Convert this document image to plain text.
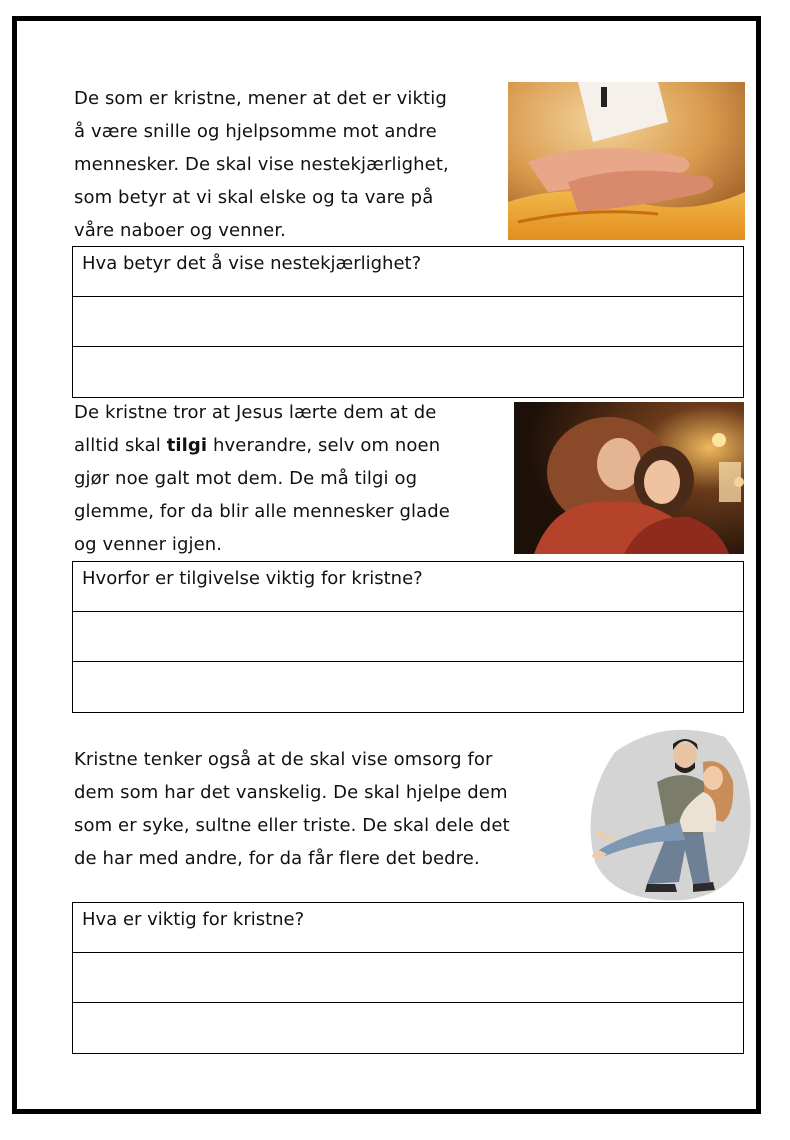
De som er kristne, mener at det er viktig
å være snille og hjelpsomme mot andre
mennesker. De skal vise nestekjærlighet,
som betyr at vi skal elske og ta vare på
våre naboer og venner.
Hva betyr det å vise nestekjærlighet?
De kristne tror at Jesus lærte dem at de
alltid skal tilgi hverandre, selv om noen
gjør noe galt mot dem. De må tilgi og
glemme, for da blir alle mennesker glade
og venner igjen.
Hvorfor er tilgivelse viktig for kristne?
Kristne tenker også at de skal vise omsorg for
dem som har det vanskelig. De skal hjelpe dem
som er syke, sultne eller triste. De skal dele det
de har med andre, for da får flere det bedre.
Hva er viktig for kristne?
